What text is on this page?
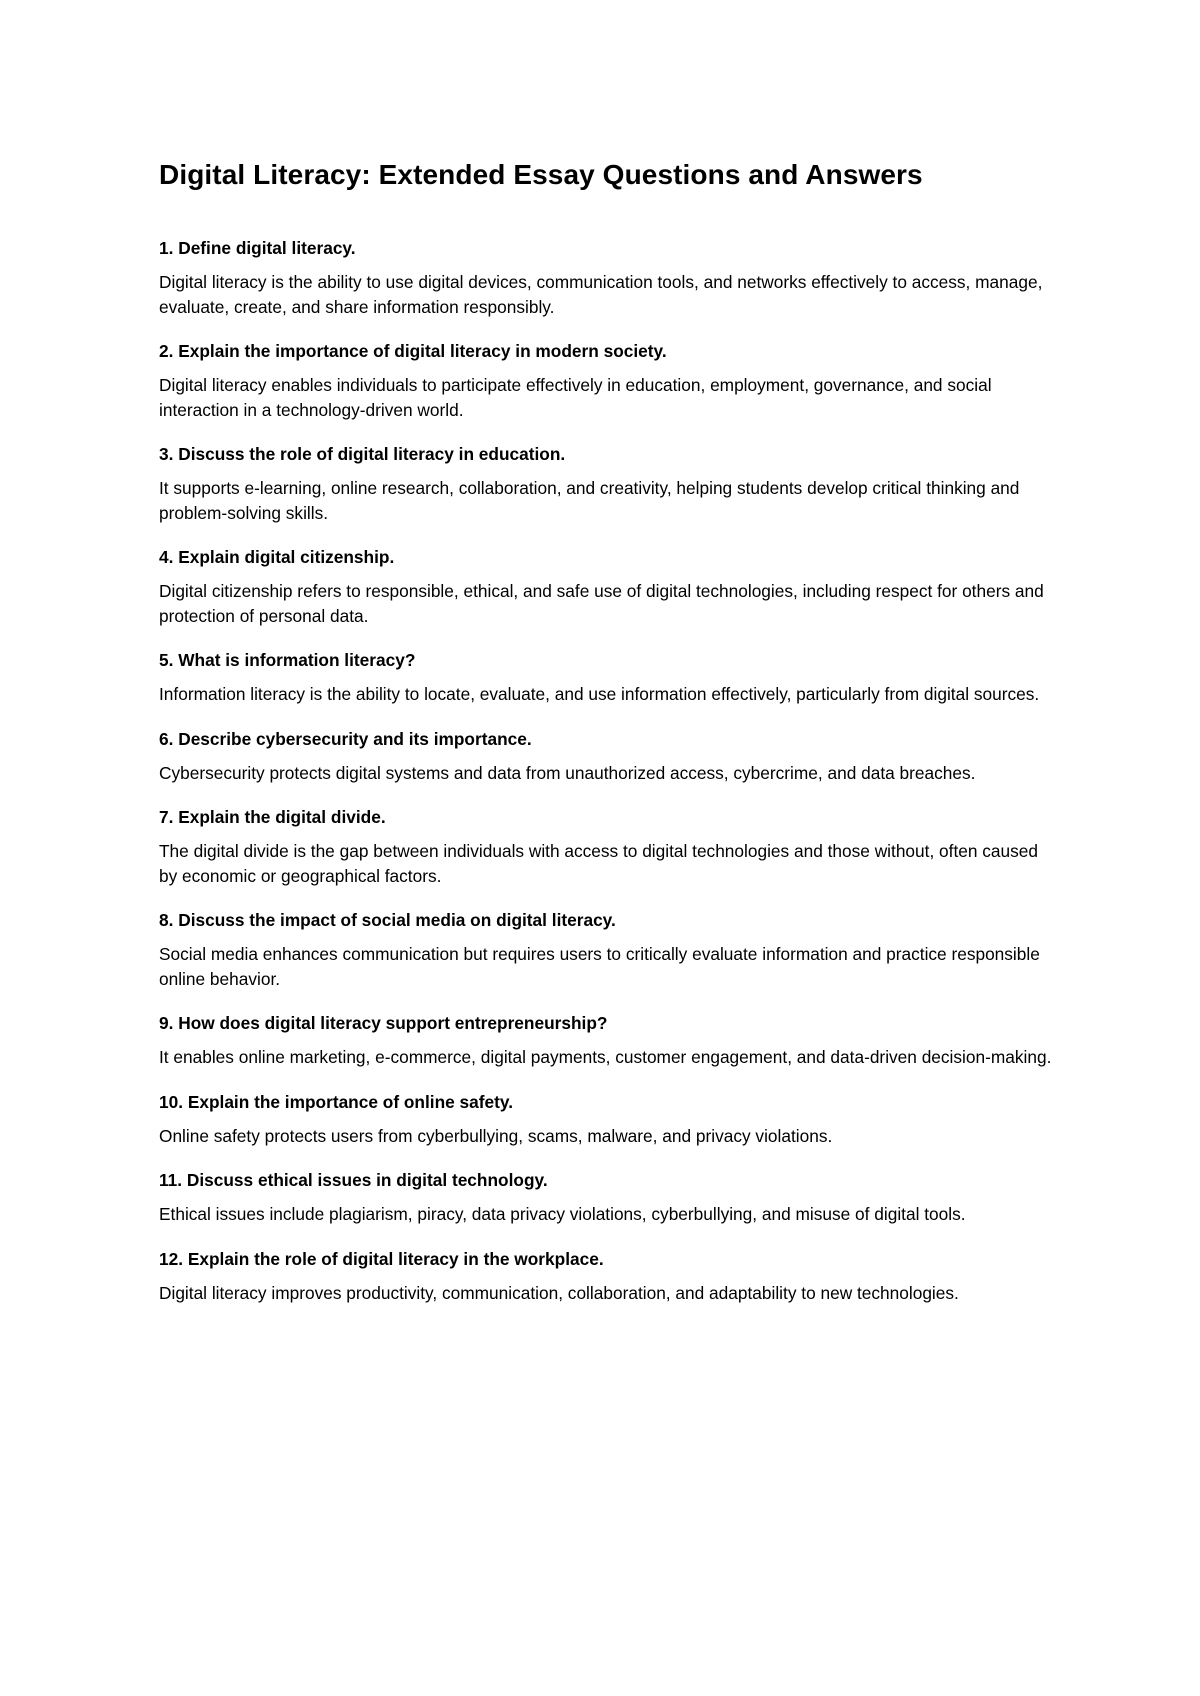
Digital Literacy: Extended Essay Questions and Answers

1. Define digital literacy.

Digital literacy is the ability to use digital devices, communication tools, and networks effectively to access, manage, evaluate, create, and share information responsibly.

2. Explain the importance of digital literacy in modern society.

Digital literacy enables individuals to participate effectively in education, employment, governance, and social interaction in a technology-driven world.

3. Discuss the role of digital literacy in education.

It supports e-learning, online research, collaboration, and creativity, helping students develop critical thinking and problem-solving skills.

4. Explain digital citizenship.

Digital citizenship refers to responsible, ethical, and safe use of digital technologies, including respect for others and protection of personal data.

5. What is information literacy?

Information literacy is the ability to locate, evaluate, and use information effectively, particularly from digital sources.

6. Describe cybersecurity and its importance.

Cybersecurity protects digital systems and data from unauthorized access, cybercrime, and data breaches.

7. Explain the digital divide.

The digital divide is the gap between individuals with access to digital technologies and those without, often caused by economic or geographical factors.

8. Discuss the impact of social media on digital literacy.

Social media enhances communication but requires users to critically evaluate information and practice responsible online behavior.

9. How does digital literacy support entrepreneurship?

It enables online marketing, e-commerce, digital payments, customer engagement, and data-driven decision-making.

10. Explain the importance of online safety.

Online safety protects users from cyberbullying, scams, malware, and privacy violations.

11. Discuss ethical issues in digital technology.

Ethical issues include plagiarism, piracy, data privacy violations, cyberbullying, and misuse of digital tools.

12. Explain the role of digital literacy in the workplace.

Digital literacy improves productivity, communication, collaboration, and adaptability to new technologies.
